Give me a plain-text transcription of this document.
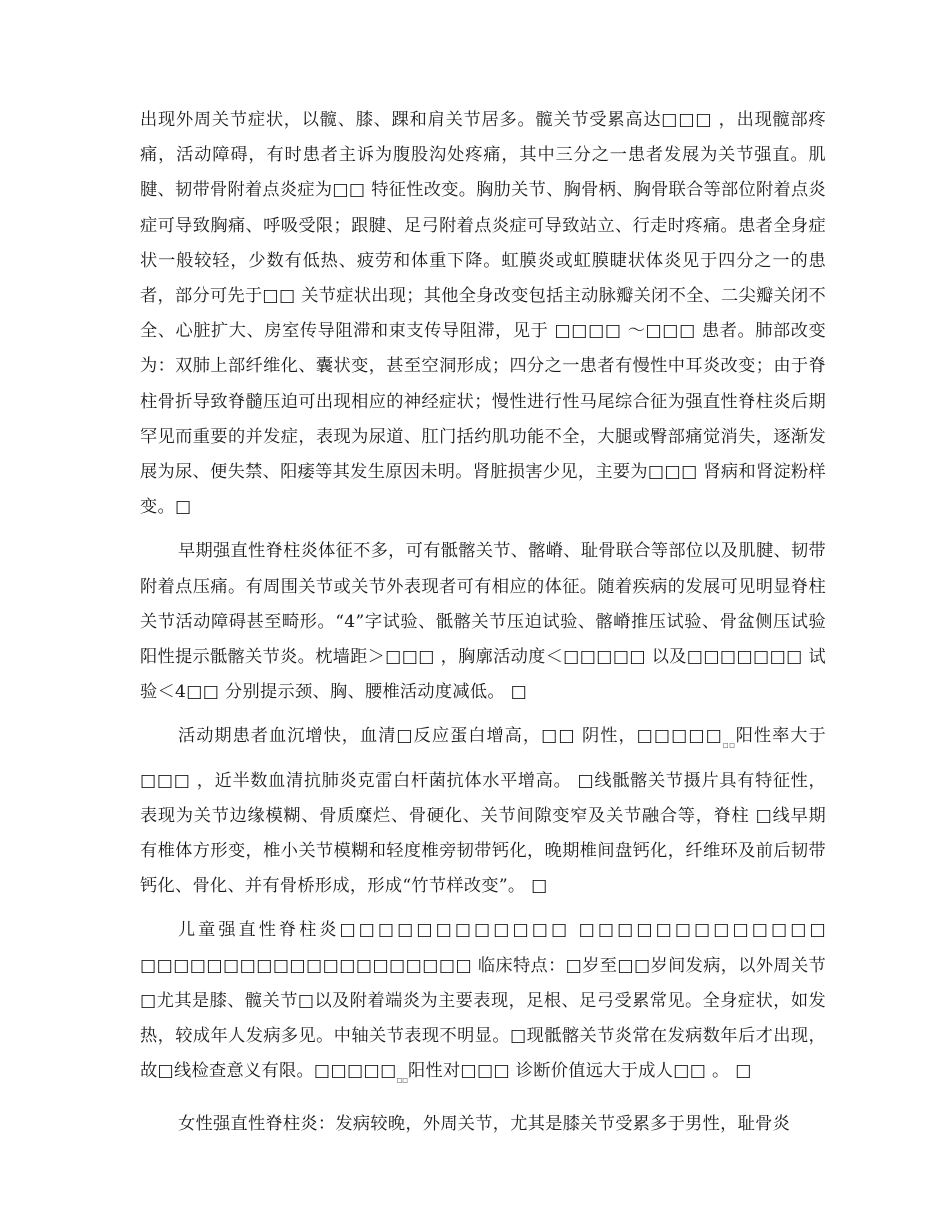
出现外周关节症状，以髋、膝、踝和肩关节居多。髋关节受累高达□□□ ，出现髋部疼痛，活动障碍，有时患者主诉为腹股沟处疼痛，其中三分之一患者发展为关节强直。肌腱、韧带骨附着点炎症为□□ 特征性改变。胸肋关节、胸骨柄、胸骨联合等部位附着点炎症可导致胸痛、呼吸受限；跟腱、足弓附着点炎症可导致站立、行走时疼痛。患者全身症状一般较轻，少数有低热、疲劳和体重下降。虹膜炎或虹膜睫状体炎见于四分之一的患者，部分可先于□□ 关节症状出现；其他全身改变包括主动脉瓣关闭不全、二尖瓣关闭不全、心脏扩大、房室传导阻滞和束支传导阻滞，见于 □□□□ ～□□□ 患者。肺部改变为：双肺上部纤维化、囊状变，甚至空洞形成；四分之一患者有慢性中耳炎改变；由于脊柱骨折导致脊髓压迫可出现相应的神经症状；慢性进行性马尾综合征为强直性脊柱炎后期罕见而重要的并发症，表现为尿道、肛门括约肌功能不全，大腿或臀部痛觉消失，逐渐发展为尿、便失禁、阳痿等其发生原因未明。肾脏损害少见，主要为□□□ 肾病和肾淀粉样变。□

早期强直性脊柱炎体征不多，可有骶髂关节、髂嵴、耻骨联合等部位以及肌腱、韧带附着点压痛。有周围关节或关节外表现者可有相应的体征。随着疾病的发展可见明显脊柱关节活动障碍甚至畸形。“4”字试验、骶髂关节压迫试验、髂嵴推压试验、骨盆侧压试验阳性提示骶髂关节炎。枕墙距＞□□□ ，胸廓活动度＜□□□□□ 以及□□□□□□□ 试验＜4□□ 分别提示颈、胸、腰椎活动度减低。 □

活动期患者血沉增快，血清□反应蛋白增高，□□ 阴性，$□□□□□_{□□}$阳性率大于□□□ ，近半数血清抗肺炎克雷白杆菌抗体水平增高。 □线骶髂关节摄片具有特征性，表现为关节边缘模糊、骨质糜烂、骨硬化、关节间隙变窄及关节融合等，脊柱 □线早期有椎体方形变，椎小关节模糊和轻度椎旁韧带钙化，晚期椎间盘钙化，纤维环及前后韧带钙化、骨化、并有骨桥形成，形成“竹节样改变”。 □

儿童强直性脊柱炎□□□□□□□□□□□□ □□□□□□□□□□□□□ □□□□□□□□□□□□□□□□□□□□ 临床特点：□岁至□□岁间发病，以外周关节□尤其是膝、髋关节□以及附着端炎为主要表现，足根、足弓受累常见。全身症状，如发热，较成年人发病多见。中轴关节表现不明显。□现骶髂关节炎常在发病数年后才出现，故□线检查意义有限。$□□□□□_{□□}$阳性对□□□ 诊断价值远大于成人□□ 。 □

女性强直性脊柱炎：发病较晚，外周关节，尤其是膝关节受累多于男性，耻骨炎
